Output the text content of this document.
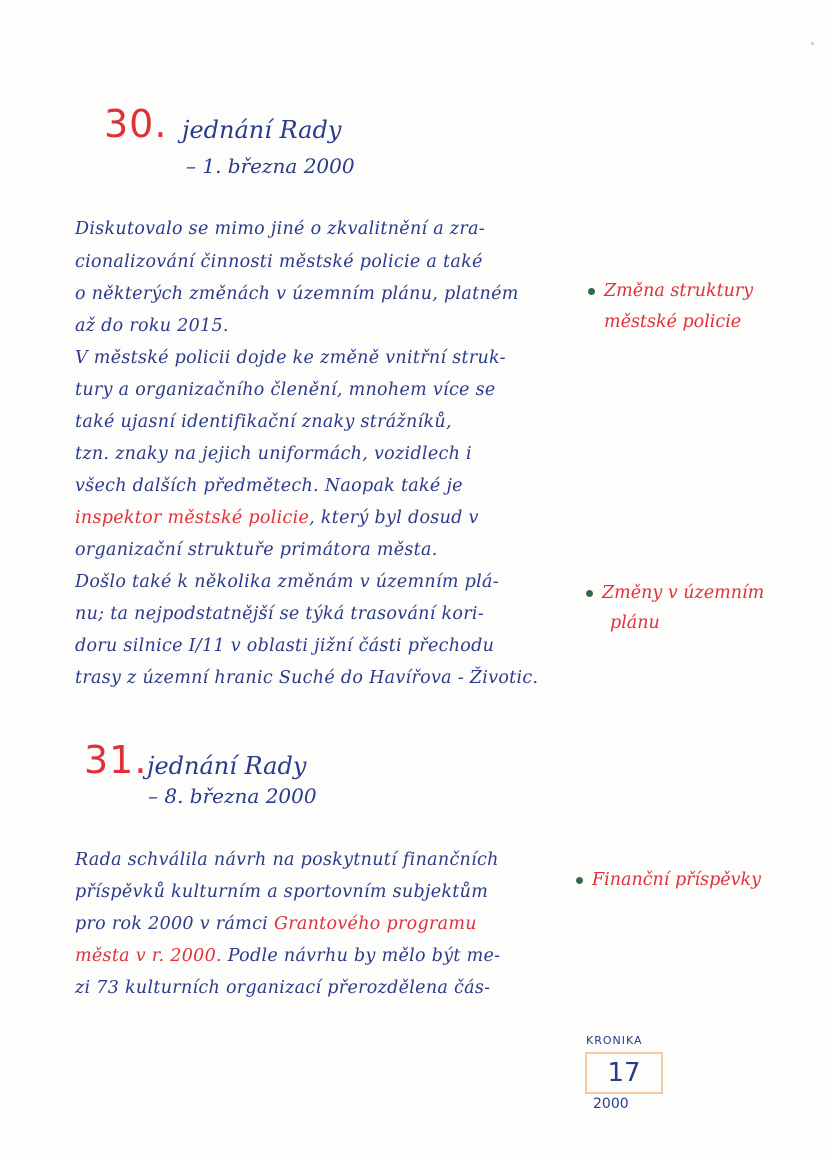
30. jednání Rady
– 1. března 2000
Diskutovalo se mimo jiné o zkvalitnění a zra-
cionalizování činnosti městské policie a také
o některých změnách v územním plánu, platném
až do roku 2015.
V městské policii dojde ke změně vnitřní struk-
tury a organizačního členění, mnohem více se
také ujasní identifikační znaky strážníků,
tzn. znaky na jejich uniformách, vozidlech i
všech dalších předmětech. Naopak také je
inspektor městské policie, který byl dosud v
organizační struktuře primátora města.
Došlo také k několika změnám v územním plá-
nu; ta nejpodstatnější se týká trasování kori-
doru silnice I/11 v oblasti jižní části přechodu
trasy z územní hranic Suché do Havířova - Životic.
Změna struktury
městské policie
Změny v územním
plánu
31. jednání Rady
– 8. března 2000
Rada schválila návrh na poskytnutí finančních
příspěvků kulturním a sportovním subjektům
pro rok 2000 v rámci Grantového programu
města v r. 2000. Podle návrhu by mělo být me-
zi 73 kulturních organizací přerozdělena čás-
Finanční příspěvky
KRONIKA
17
2000
